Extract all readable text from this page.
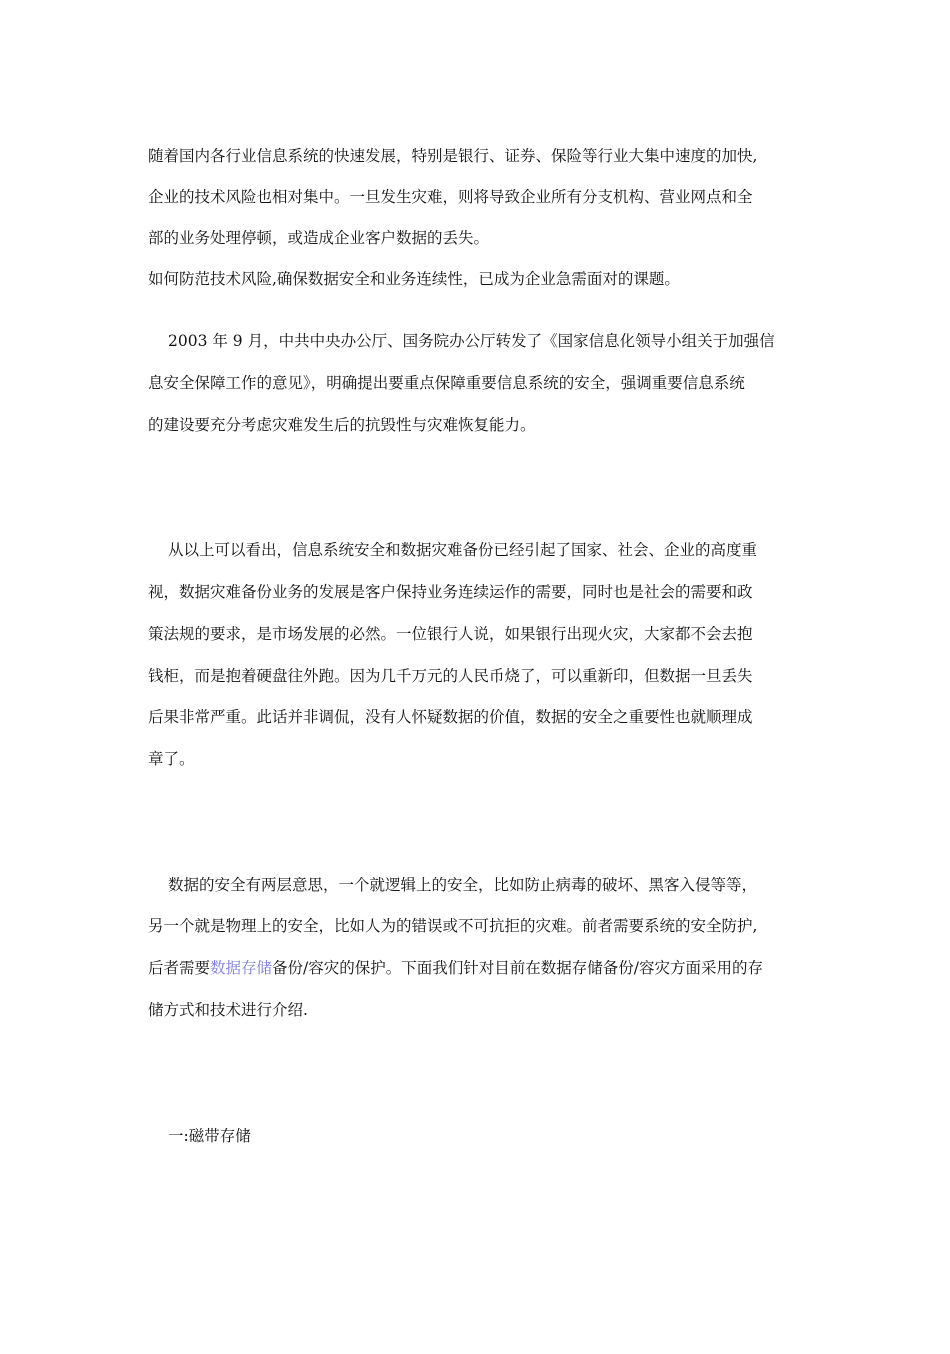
随着国内各行业信息系统的快速发展，特别是银行、证券、保险等行业大集中速度的加快,
企业的技术风险也相对集中。一旦发生灾难，则将导致企业所有分支机构、营业网点和全
部的业务处理停顿，或造成企业客户数据的丢失。
如何防范技术风险,确保数据安全和业务连续性，已成为企业急需面对的课题。
2003 年 9 月，中共中央办公厅、国务院办公厅转发了《国家信息化领导小组关于加强信
息安全保障工作的意见》，明确提出要重点保障重要信息系统的安全，强调重要信息系统
的建设要充分考虑灾难发生后的抗毁性与灾难恢复能力。
从以上可以看出，信息系统安全和数据灾难备份已经引起了国家、社会、企业的高度重
视，数据灾难备份业务的发展是客户保持业务连续运作的需要，同时也是社会的需要和政
策法规的要求，是市场发展的必然。一位银行人说，如果银行出现火灾，大家都不会去抱
钱柜，而是抱着硬盘往外跑。因为几千万元的人民币烧了，可以重新印，但数据一旦丢失
后果非常严重。此话并非调侃，没有人怀疑数据的价值，数据的安全之重要性也就顺理成
章了。
数据的安全有两层意思，一个就逻辑上的安全，比如防止病毒的破坏、黑客入侵等等，
另一个就是物理上的安全，比如人为的错误或不可抗拒的灾难。前者需要系统的安全防护,
后者需要数据存储备份/容灾的保护。下面我们针对目前在数据存储备份/容灾方面采用的存
储方式和技术进行介绍.
一:磁带存储
